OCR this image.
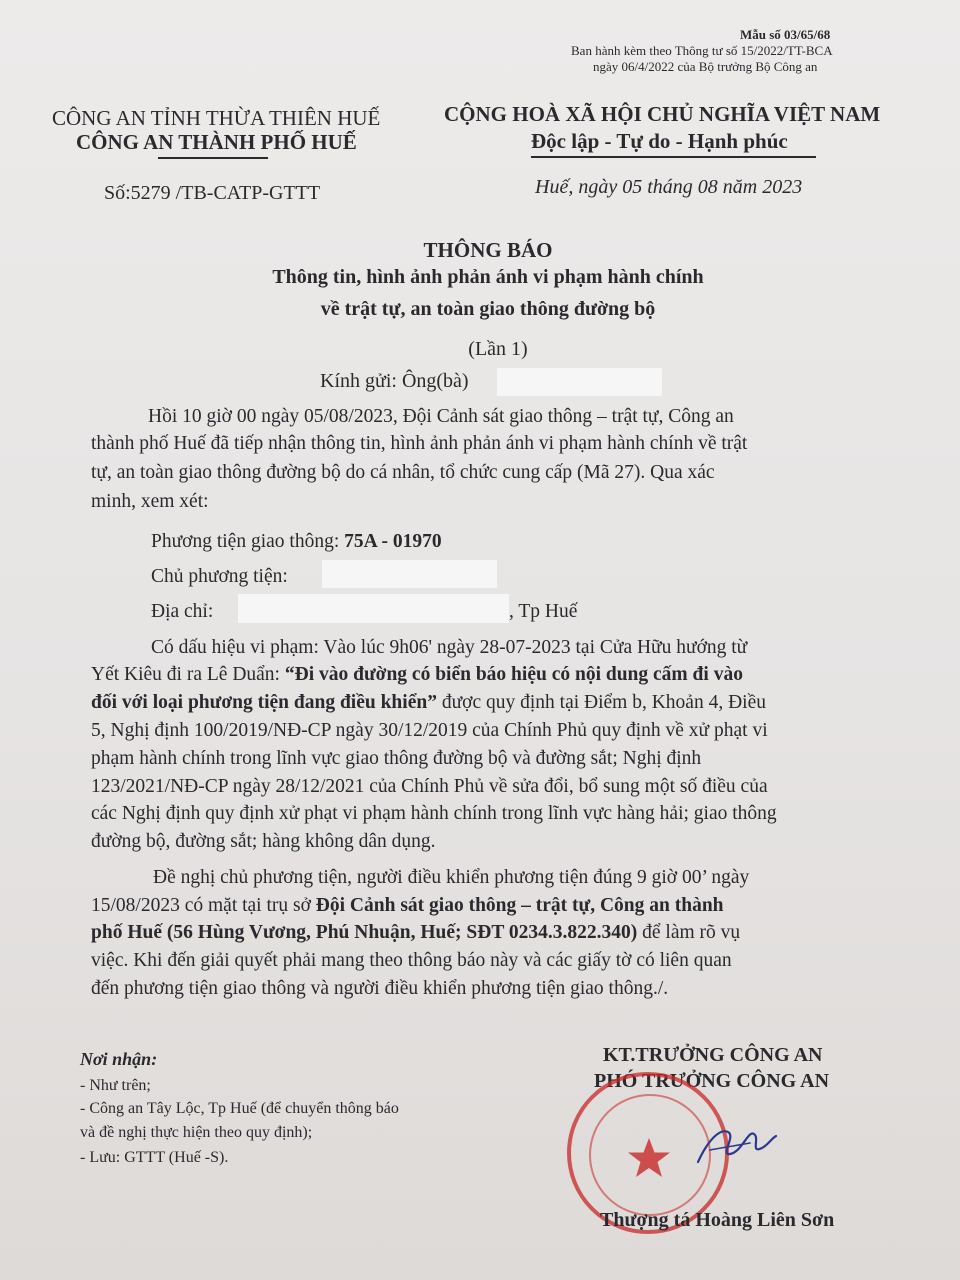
Mẫu số 03/65/68
Ban hành kèm theo Thông tư số 15/2022/TT-BCA
ngày 06/4/2022 của Bộ trưởng Bộ Công an
CÔNG AN TỈNH THỪA THIÊN HUẾ
CÔNG AN THÀNH PHỐ HUẾ
Số:5279 /TB-CATP-GTTT
CỘNG HOÀ XÃ HỘI CHỦ NGHĨA VIỆT NAM
Độc lập - Tự do - Hạnh phúc
Huế, ngày 05 tháng 08 năm 2023
THÔNG BÁO
Thông tin, hình ảnh phản ánh vi phạm hành chính
về trật tự, an toàn giao thông đường bộ
(Lần 1)
Kính gửi: Ông(bà)
Hồi 10 giờ 00 ngày 05/08/2023, Đội Cảnh sát giao thông – trật tự, Công an
thành phố Huế đã tiếp nhận thông tin, hình ảnh phản ánh vi phạm hành chính về trật
tự, an toàn giao thông đường bộ do cá nhân, tổ chức cung cấp (Mã 27). Qua xác
minh, xem xét:
Phương tiện giao thông: 75A - 01970
Chủ phương tiện:
Địa chỉ:	, Tp Huế
Có dấu hiệu vi phạm: Vào lúc 9h06' ngày 28-07-2023 tại Cửa Hữu hướng từ
Yết Kiêu đi ra Lê Duẩn: “Đi vào đường có biển báo hiệu có nội dung cấm đi vào
đối với loại phương tiện đang điều khiển” được quy định tại Điểm b, Khoản 4, Điều
5, Nghị định 100/2019/NĐ-CP ngày 30/12/2019 của Chính Phủ quy định về xử phạt vi
phạm hành chính trong lĩnh vực giao thông đường bộ và đường sắt; Nghị định
123/2021/NĐ-CP ngày 28/12/2021 của Chính Phủ về sửa đổi, bổ sung một số điều của
các Nghị định quy định xử phạt vi phạm hành chính trong lĩnh vực hàng hải; giao thông
đường bộ, đường sắt; hàng không dân dụng.
Đề nghị chủ phương tiện, người điều khiển phương tiện đúng 9 giờ 00’ ngày
15/08/2023 có mặt tại trụ sở Đội Cảnh sát giao thông – trật tự, Công an thành
phố Huế (56 Hùng Vương, Phú Nhuận, Huế; SĐT 0234.3.822.340) để làm rõ vụ
việc. Khi đến giải quyết phải mang theo thông báo này và các giấy tờ có liên quan
đến phương tiện giao thông và người điều khiển phương tiện giao thông./.
Nơi nhận:
- Như trên;
- Công an Tây Lộc, Tp Huế (để chuyển thông báo
và đề nghị thực hiện theo quy định);
- Lưu: GTTT (Huế -S).
KT.TRƯỞNG CÔNG AN
PHÓ TRƯỞNG CÔNG AN
Thượng tá Hoàng Liên Sơn
